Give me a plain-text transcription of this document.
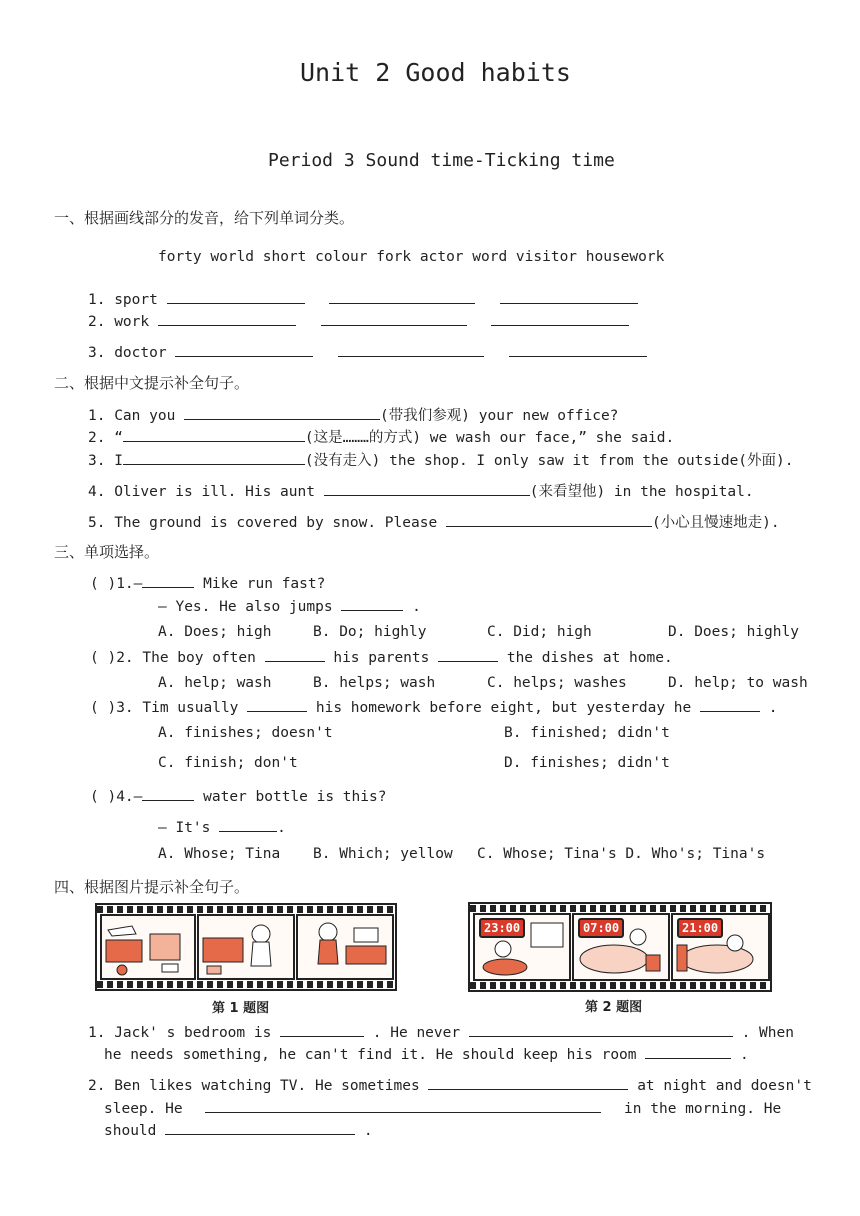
Unit 2 Good habits
Period 3 Sound time-Ticking time
一、根据画线部分的发音，给下列单词分类。
forty world short colour fork actor word visitor housework
1. sport
2. work
3. doctor
二、根据中文提示补全句子。
1. Can you	(带我们参观) your new office?
2. “	(这是………的方式) we wash our face,” she said.
3. I	(没有走入) the shop. I only saw it from the outside(外面).
4. Oliver is ill. His aunt	(来看望他) in the hospital.
5. The ground is covered by snow. Please	(小心且慢速地走).
三、单项选择。
( )1.—	Mike run fast?
— Yes. He also jumps	.
A. Does; high	B. Do; highly	C. Did; high	D. Does; highly
( )2. The boy often	his parents	the dishes at home.
A. help; wash	B. helps; wash	C. helps; washes	D. help; to wash
( )3. Tim usually	his homework before eight, but yesterday he	.
A. finishes; doesn't	B. finished; didn't
C. finish; don't	D. finishes; didn't
( )4.—	water bottle is this?
— It's	.
A. Whose; Tina B. Which; yellow C. Whose; Tina's D. Who's; Tina's
四、根据图片提示补全句子。
第 1 题图
23:00	07:00	21:00
第 2 题图
1. Jack' s bedroom is	. He never	. When
he needs something, he can't find it. He should keep his room	.
2. Ben likes watching TV. He sometimes	at night and doesn't
sleep. He	in the morning. He
should	.
